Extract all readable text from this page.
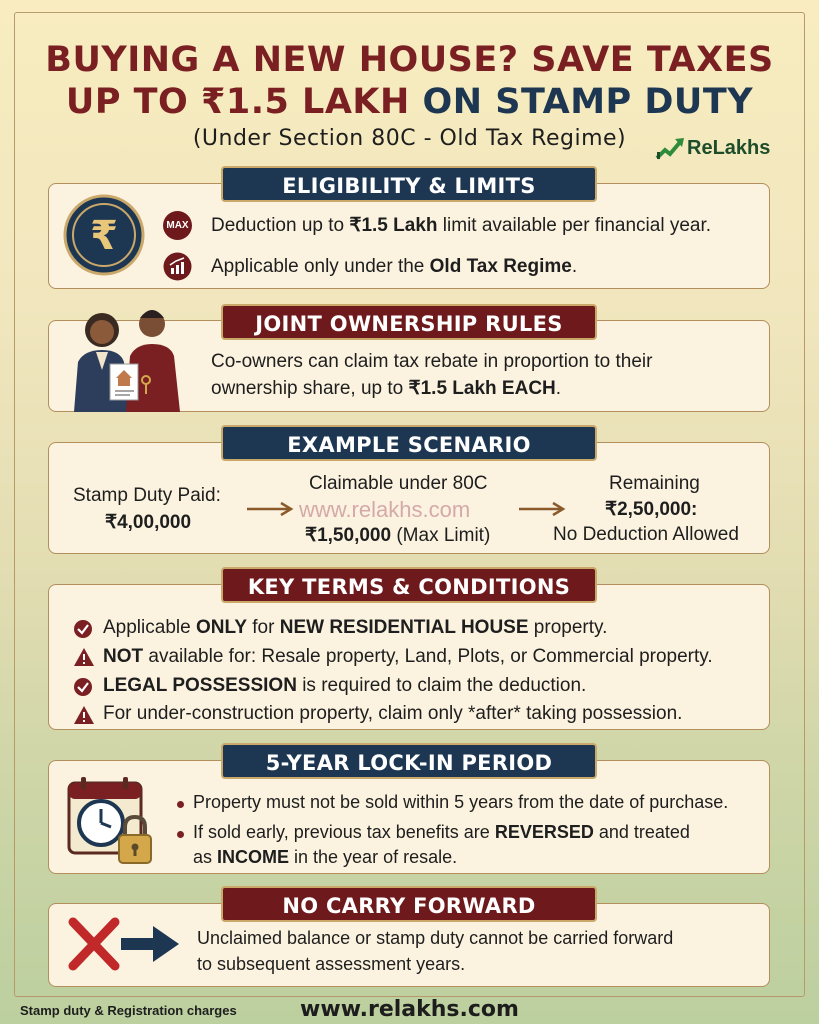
BUYING A NEW HOUSE? SAVE TAXES
UP TO ₹1.5 LAKH ON STAMP DUTY
(Under Section 80C - Old Tax Regime)	ReLakhs
₹	MAX Deduction up to ₹1.5 Lakh limit available per financial year.
Applicable only under the Old Tax Regime.
ELIGIBILITY & LIMITS
Co-owners can claim tax rebate in proportion to their
ownership share, up to ₹1.5 Lakh EACH.
JOINT OWNERSHIP RULES
Stamp Duty Paid:
₹4,00,000
Claimable under 80C
www.relakhs.com
₹1,50,000 (Max Limit)
Remaining
₹2,50,000:
No Deduction Allowed
EXAMPLE SCENARIO
Applicable ONLY for NEW RESIDENTIAL HOUSE property.
NOT available for: Resale property, Land, Plots, or Commercial property.
LEGAL POSSESSION is required to claim the deduction.
For under-construction property, claim only *after* taking possession.
KEY TERMS & CONDITIONS
Property must not be sold within 5 years from the date of purchase.
If sold early, previous tax benefits are REVERSED and treated
as INCOME in the year of resale.
5-YEAR LOCK-IN PERIOD
Unclaimed balance or stamp duty cannot be carried forward
to subsequent assessment years.
NO CARRY FORWARD
Stamp duty & Registration charges	www.relakhs.com
